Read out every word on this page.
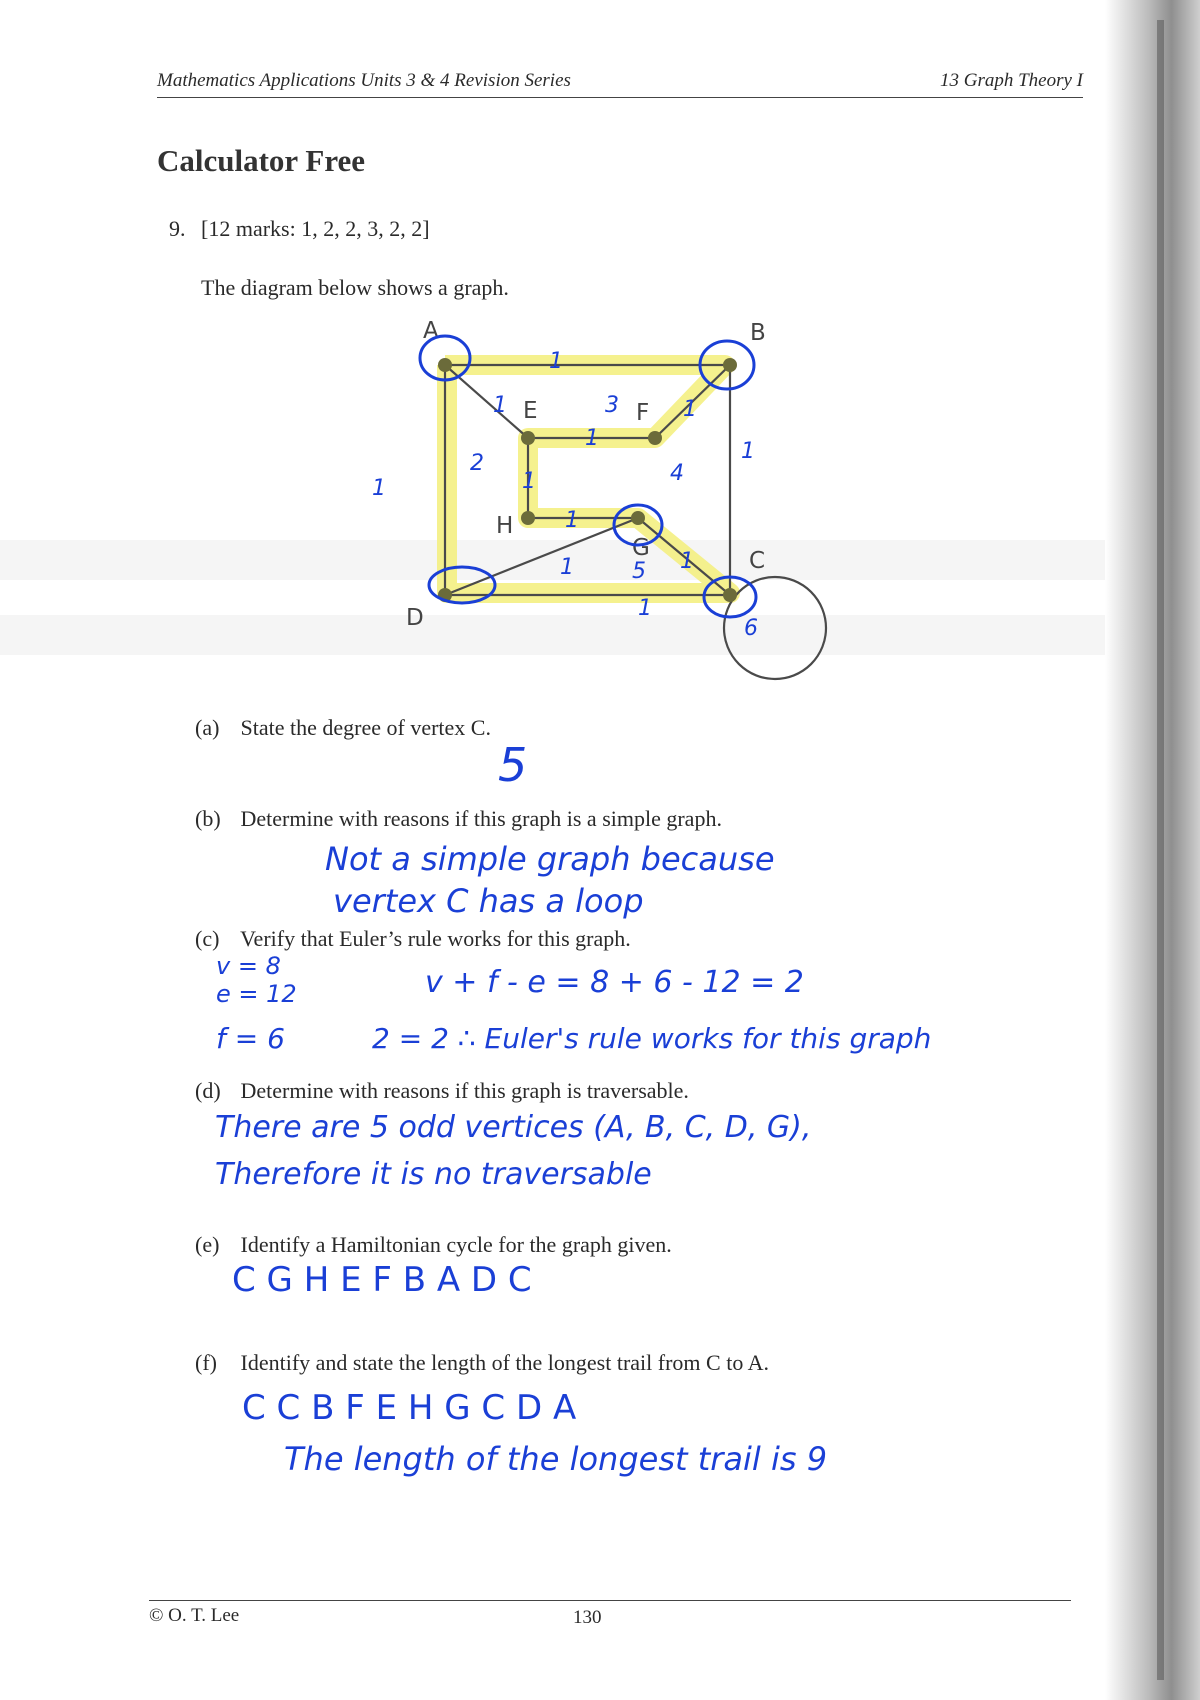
Mathematics Applications Units 3 & 4 Revision Series	13 Graph Theory I
Calculator Free
9. [12 marks: 1, 2, 2, 3, 2, 2]
The diagram below shows a graph.
A	B
C
D
E	F
G
H
1
1	3
1
1
1
1
2
1	4
1
1	1
5
1
6
(a) State the degree of vertex C.
5
(b) Determine with reasons if this graph is a simple graph.
Not a simple graph because
vertex C has a loop
(c) Verify that Euler’s rule works for this graph.
v = 8
e = 12
f = 6
v + f - e = 8 + 6 - 12 = 2
2 = 2 ∴ Euler's rule works for this graph
(d) Determine with reasons if this graph is traversable.
There are 5 odd vertices (A, B, C, D, G),
Therefore it is no traversable
(e) Identify a Hamiltonian cycle for the graph given.
C G H E F B A D C
(f) Identify and state the length of the longest trail from C to A.
C C B F E H G C D A
The length of the longest trail is 9
© O. T. Lee	130
